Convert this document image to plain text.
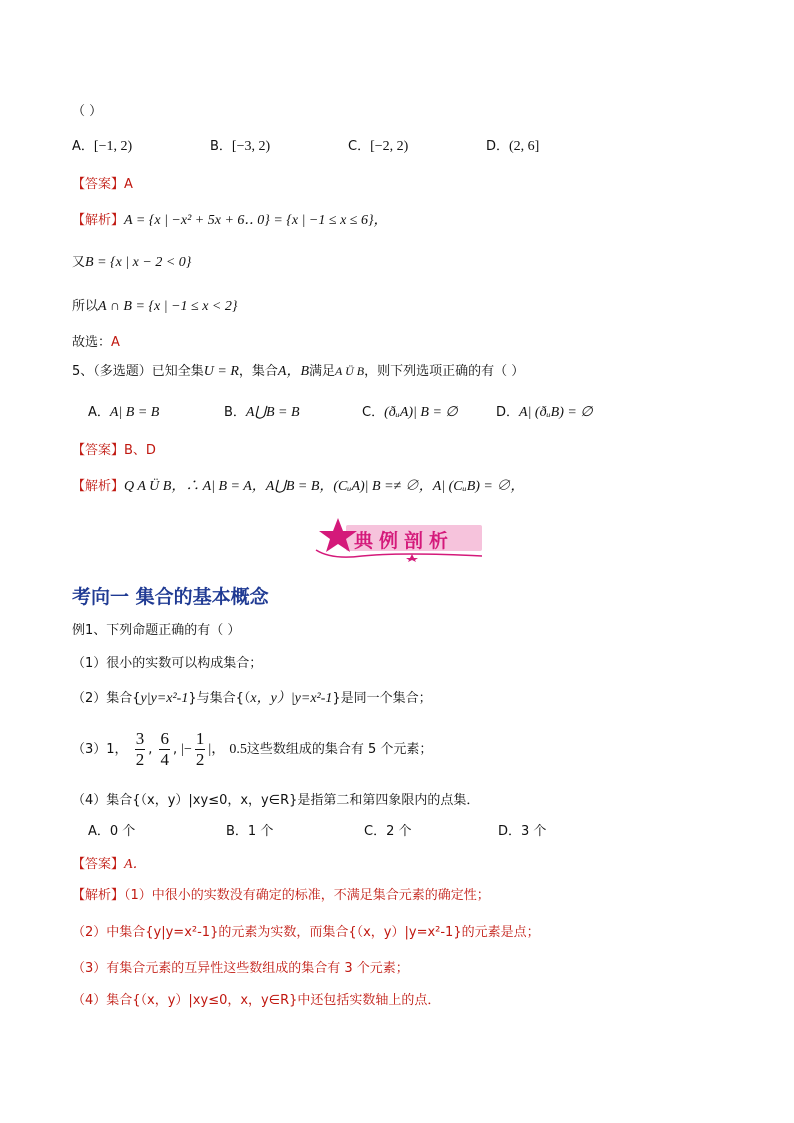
（ ）
A．[−1, 2)	B．[−3, 2)	C．[−2, 2)	D．(2, 6]
【答案】A
【解析】A = {x | −x² + 5x + 6‥ 0} = {x | −1 ≤ x ≤ 6}，
又B = {x | x − 2 < 0}
所以A ∩ B = {x | −1 ≤ x < 2}
故选：A
5、（多选题）已知全集U = R，集合A，B满足A Ü B，则下列选项正确的有（ ）
A．A| B = B	B．A⋃B = B	C．(ðᵤA)| B = ∅	D．A| (ðᵤB) = ∅
【答案】B、D
【解析】Q A Ü B，∴ A| B = A，A⋃B = B，(CᵤA)| B =≠ ∅，A| (CᵤB) = ∅，
典例剖析
考向一 集合的基本概念
例1、下列命题正确的有（ ）
（1）很小的实数可以构成集合；
（2）集合{y|y=x²-1}与集合{（x，y）|y=x²-1}是同一个集合；
（3）1， $\frac{3}{2}$ , $\frac{6}{4}$ , |− $\frac{1}{2}$ |， 0.5这些数组成的集合有 5 个元素；
（4）集合{（x，y）|xy≤0，x，y∈R}是指第二和第四象限内的点集．
A．0 个	B．1 个	C．2 个	D．3 个
【答案】A．
【解析】（1）中很小的实数没有确定的标准，不满足集合元素的确定性；
（2）中集合{y|y=x²-1}的元素为实数，而集合{（x，y）|y=x²-1}的元素是点；
（3）有集合元素的互异性这些数组成的集合有 3 个元素；
（4）集合{（x，y）|xy≤0，x，y∈R}中还包括实数轴上的点．
